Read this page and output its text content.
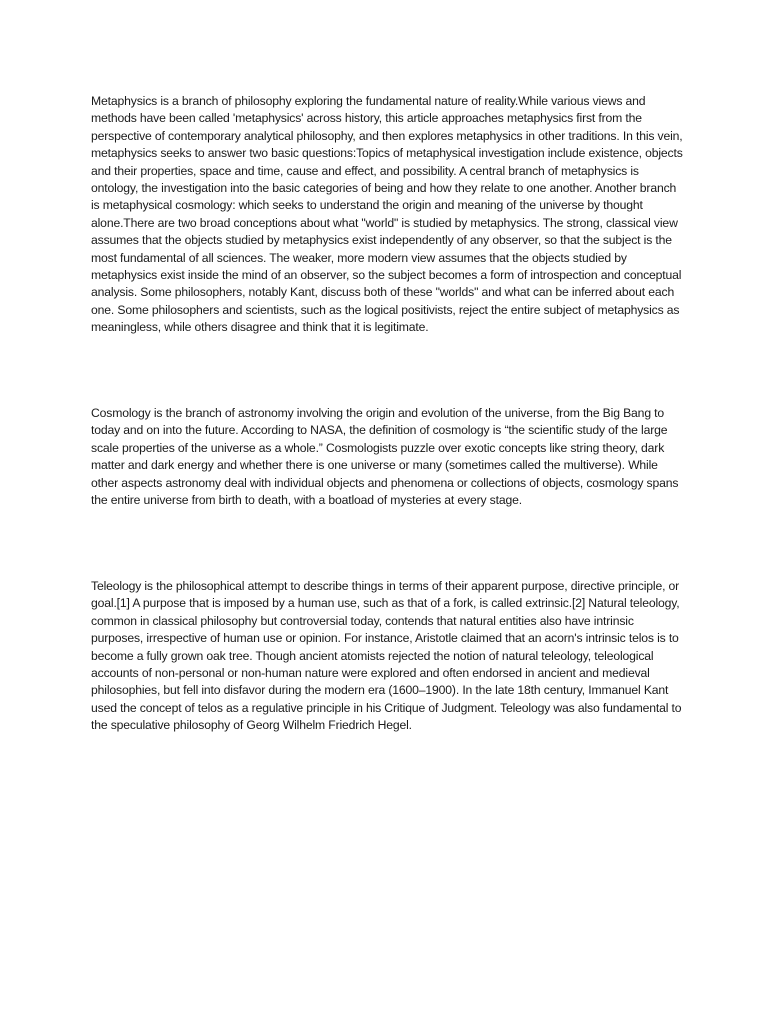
Metaphysics is a branch of philosophy exploring the fundamental nature of reality.While various views and methods have been called 'metaphysics' across history, this article approaches metaphysics first from the perspective of contemporary analytical philosophy, and then explores metaphysics in other traditions. In this vein, metaphysics seeks to answer two basic questions:Topics of metaphysical investigation include existence, objects and their properties, space and time, cause and effect, and possibility. A central branch of metaphysics is ontology, the investigation into the basic categories of being and how they relate to one another. Another branch is metaphysical cosmology: which seeks to understand the origin and meaning of the universe by thought alone.There are two broad conceptions about what "world" is studied by metaphysics. The strong, classical view assumes that the objects studied by metaphysics exist independently of any observer, so that the subject is the most fundamental of all sciences. The weaker, more modern view assumes that the objects studied by metaphysics exist inside the mind of an observer, so the subject becomes a form of introspection and conceptual analysis. Some philosophers, notably Kant, discuss both of these "worlds" and what can be inferred about each one. Some philosophers and scientists, such as the logical positivists, reject the entire subject of metaphysics as meaningless, while others disagree and think that it is legitimate.

Cosmology is the branch of astronomy involving the origin and evolution of the universe, from the Big Bang to today and on into the future. According to NASA, the definition of cosmology is “the scientific study of the large scale properties of the universe as a whole.” Cosmologists puzzle over exotic concepts like string theory, dark matter and dark energy and whether there is one universe or many (sometimes called the multiverse). While other aspects astronomy deal with individual objects and phenomena or collections of objects, cosmology spans the entire universe from birth to death, with a boatload of mysteries at every stage.

Teleology is the philosophical attempt to describe things in terms of their apparent purpose, directive principle, or goal.[1] A purpose that is imposed by a human use, such as that of a fork, is called extrinsic.[2] Natural teleology, common in classical philosophy but controversial today, contends that natural entities also have intrinsic purposes, irrespective of human use or opinion. For instance, Aristotle claimed that an acorn's intrinsic telos is to become a fully grown oak tree. Though ancient atomists rejected the notion of natural teleology, teleological accounts of non-personal or non-human nature were explored and often endorsed in ancient and medieval philosophies, but fell into disfavor during the modern era (1600–1900). In the late 18th century, Immanuel Kant used the concept of telos as a regulative principle in his Critique of Judgment. Teleology was also fundamental to the speculative philosophy of Georg Wilhelm Friedrich Hegel.
